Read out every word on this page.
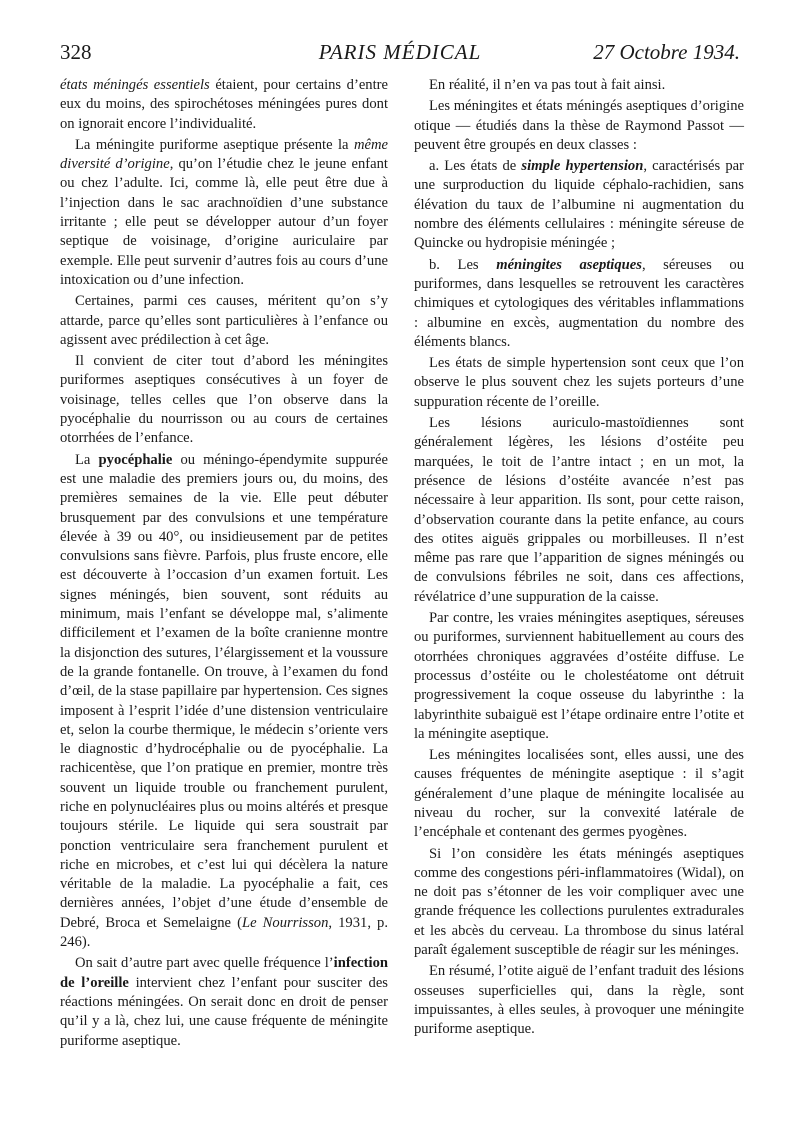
328	PARIS MÉDICAL	27 Octobre 1934.

états méningés essentiels étaient, pour certains d’entre eux du moins, des spirochétoses méningées pures dont on ignorait encore l’individualité.

La méningite puriforme aseptique présente la même diversité d’origine, qu’on l’étudie chez le jeune enfant ou chez l’adulte. Ici, comme là, elle peut être due à l’injection dans le sac arachnoïdien d’une substance irritante ; elle peut se développer autour d’un foyer septique de voisinage, d’origine auriculaire par exemple. Elle peut survenir d’autres fois au cours d’une intoxication ou d’une infection.

Certaines, parmi ces causes, méritent qu’on s’y attarde, parce qu’elles sont particulières à l’enfance ou agissent avec prédilection à cet âge.

Il convient de citer tout d’abord les méningites puriformes aseptiques consécutives à un foyer de voisinage, telles celles que l’on observe dans la pyocéphalie du nourrisson ou au cours de certaines otorrhées de l’enfance.

La pyocéphalie ou méningo-épendymite suppurée est une maladie des premiers jours ou, du moins, des premières semaines de la vie. Elle peut débuter brusquement par des convulsions et une température élevée à 39 ou 40°, ou insidieusement par de petites convulsions sans fièvre. Parfois, plus fruste encore, elle est découverte à l’occasion d’un examen fortuit. Les signes méningés, bien souvent, sont réduits au minimum, mais l’enfant se développe mal, s’alimente difficilement et l’examen de la boîte cranienne montre la disjonction des sutures, l’élargissement et la voussure de la grande fontanelle. On trouve, à l’examen du fond d’œil, de la stase papillaire par hypertension. Ces signes imposent à l’esprit l’idée d’une distension ventriculaire et, selon la courbe thermique, le médecin s’oriente vers le diagnostic d’hydrocéphalie ou de pyocéphalie. La rachicentèse, que l’on pratique en premier, montre très souvent un liquide trouble ou franchement purulent, riche en polynucléaires plus ou moins altérés et presque toujours stérile. Le liquide qui sera soustrait par ponction ventriculaire sera franchement purulent et riche en microbes, et c’est lui qui décèlera la nature véritable de la maladie. La pyocéphalie a fait, ces dernières années, l’objet d’une étude d’ensemble de Debré, Broca et Semelaigne (Le Nourrisson, 1931, p. 246).

On sait d’autre part avec quelle fréquence l’infection de l’oreille intervient chez l’enfant pour susciter des réactions méningées. On serait donc en droit de penser qu’il y a là, chez lui, une cause fréquente de méningite puriforme aseptique.

En réalité, il n’en va pas tout à fait ainsi.

Les méningites et états méningés aseptiques d’origine otique — étudiés dans la thèse de Raymond Passot — peuvent être groupés en deux classes :

a. Les états de simple hypertension, caractérisés par une surproduction du liquide céphalo-rachidien, sans élévation du taux de l’albumine ni augmentation du nombre des éléments cellulaires : méningite séreuse de Quincke ou hydropisie méningée ;

b. Les méningites aseptiques, séreuses ou puriformes, dans lesquelles se retrouvent les caractères chimiques et cytologiques des véritables inflammations : albumine en excès, augmentation du nombre des éléments blancs.

Les états de simple hypertension sont ceux que l’on observe le plus souvent chez les sujets porteurs d’une suppuration récente de l’oreille.

Les lésions auriculo-mastoïdiennes sont généralement légères, les lésions d’ostéite peu marquées, le toit de l’antre intact ; en un mot, la présence de lésions d’ostéite avancée n’est pas nécessaire à leur apparition. Ils sont, pour cette raison, d’observation courante dans la petite enfance, au cours des otites aiguës grippales ou morbilleuses. Il n’est même pas rare que l’apparition de signes méningés ou de convulsions fébriles ne soit, dans ces affections, révélatrice d’une suppuration de la caisse.

Par contre, les vraies méningites aseptiques, séreuses ou puriformes, surviennent habituellement au cours des otorrhées chroniques aggravées d’ostéite diffuse. Le processus d’ostéite ou le cholestéatome ont détruit progressivement la coque osseuse du labyrinthe : la labyrinthite subaiguë est l’étape ordinaire entre l’otite et la méningite aseptique.

Les méningites localisées sont, elles aussi, une des causes fréquentes de méningite aseptique : il s’agit généralement d’une plaque de méningite localisée au niveau du rocher, sur la convexité latérale de l’encéphale et contenant des germes pyogènes.

Si l’on considère les états méningés aseptiques comme des congestions péri-inflammatoires (Widal), on ne doit pas s’étonner de les voir compliquer avec une grande fréquence les collections purulentes extradurales et les abcès du cerveau. La thrombose du sinus latéral paraît également susceptible de réagir sur les méninges.

En résumé, l’otite aiguë de l’enfant traduit des lésions osseuses superficielles qui, dans la règle, sont impuissantes, à elles seules, à provoquer une méningite puriforme aseptique.
